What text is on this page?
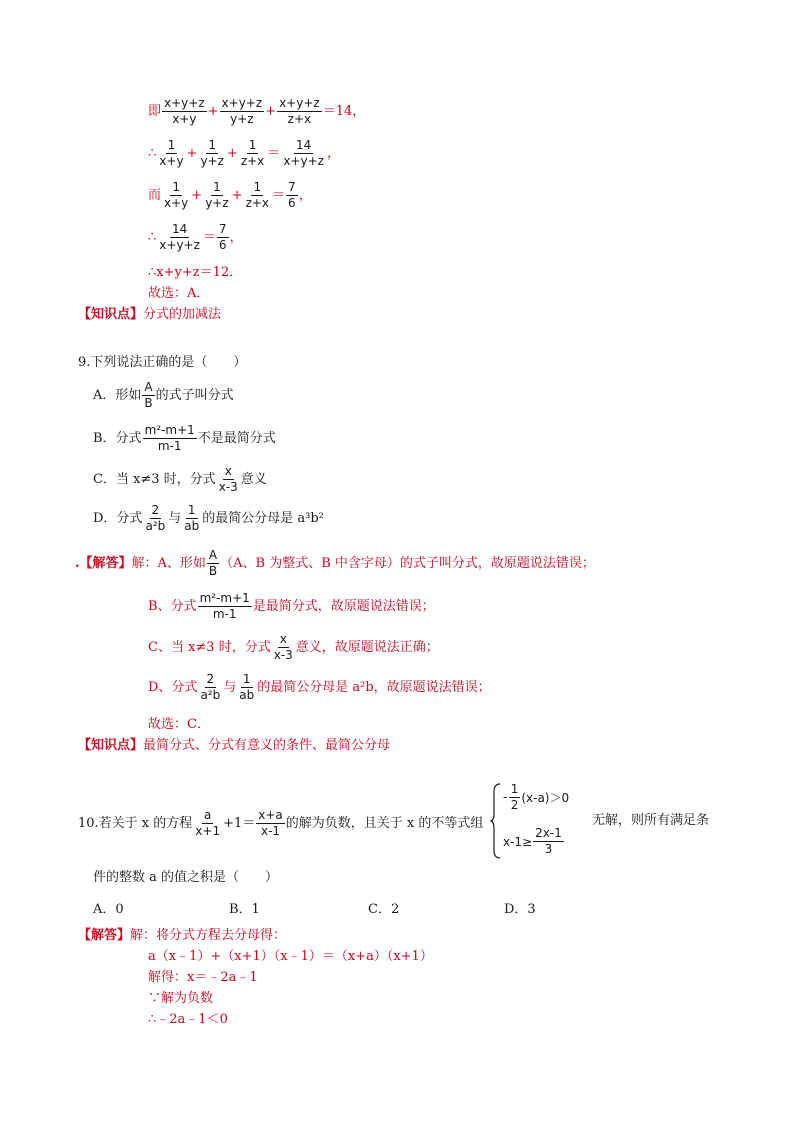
即 $\frac{x+y+z}{x+y} + \frac{x+y+z}{y+z} + \frac{x+y+z}{z+x} =14$，
∴ $\frac{1}{x+y} + \frac{1}{y+z} + \frac{1}{z+x} = \frac{14}{x+y+z}$ ，
而 $\frac{1}{x+y} + \frac{1}{y+z} + \frac{1}{z+x} = \frac{7}{6}$ ，
∴ $\frac{14}{x+y+z} = \frac{7}{6}$ ，
∴x+y+z＝12．
故选：A．
【知识点】分式的加减法
9.下列说法正确的是（　　）
A．形如 $\frac{A}{B}$ 的式子叫分式
B．分式 $\frac{\text{m²-m+1}}{m-1}$ 不是最简分式
C．当 x≠3 时，分式 $\frac{x}{x-3}$ 意义
D．分式 $\frac{2}{\text{a²b}}$ 与 $\frac{1}{ab}$ 的最简公分母是 a³b²
.【解答】 解：A、形如 $\frac{A}{B} (A$、B 为整式、B 中含字母）的式子叫分式，故原题说法错误；
B、分式 $\frac{\text{m²-m+1}}{m-1}$ 是最简分式，故原题说法错误；
C、当 x≠3 时，分式 $\frac{x}{x-3}$ 意义，故原题说法正确；
D、分式 $\frac{2}{\text{a²b}}$ 与 $\frac{1}{ab}$ 的最简公分母是 a²b，故原题说法错误；
故选：C．
【知识点】最简分式、分式有意义的条件、最简公分母
10.若关于 x 的方程 $\frac{a}{x+1} +1= \frac{x+a}{x-1}$ 的解为负数，且关于 x 的不等式组
- $\frac{1}{2} (x-a)>0$
$x-1\ge \frac{2x-1}{3}$
无解，则所有满足条
件的整数 a 的值之积是（　　）
A．0	B．1	C．2	D．3
【解答】解：将分式方程去分母得：
a（x﹣1）+（x+1）（x﹣1）＝（x+a）（x+1）
解得：x＝﹣2a﹣1
∵解为负数
∴﹣2a﹣1＜0
